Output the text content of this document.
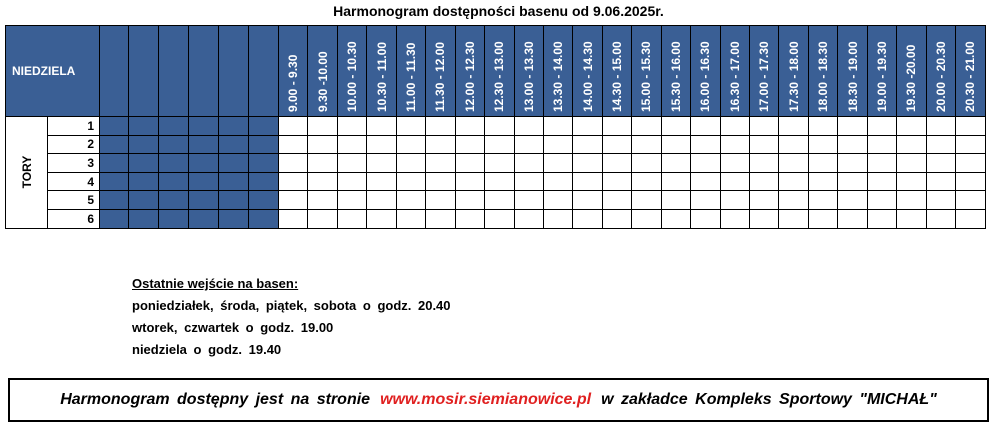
Harmonogram dostępności basenu od 9.06.2025r.
NIEDZIELA								9.00 - 9.30	9.30 -10.00	10.00 - 10.30	10.30 - 11.00	11.00 - 11.30	11.30 - 12.00	12.00 - 12.30	12.30 - 13.00	13.00 - 13.30	13.30 - 14.00	14.00 - 14.30	14.30 - 15.00	15.00 - 15.30	15.30 - 16.00	16.00 - 16.30	16.30 - 17.00	17.00 - 17.30	17.30 - 18.00	18.00 - 18.30	18.30 - 19.00	19.00 - 19.30	19.30 -20.00	20.00 - 20.30	20.30 - 21.00

TORY	1																														
	2																														
	3																														
	4																														
	5																														
	6																														
Ostatnie wejście na basen:
poniedziałek, środa, piątek, sobota o godz. 20.40
wtorek, czwartek o godz. 19.00
niedziela o godz. 19.40
Harmonogram dostępny jest na stronie www.mosir.siemianowice.pl w zakładce Kompleks Sportowy "MICHAŁ"
